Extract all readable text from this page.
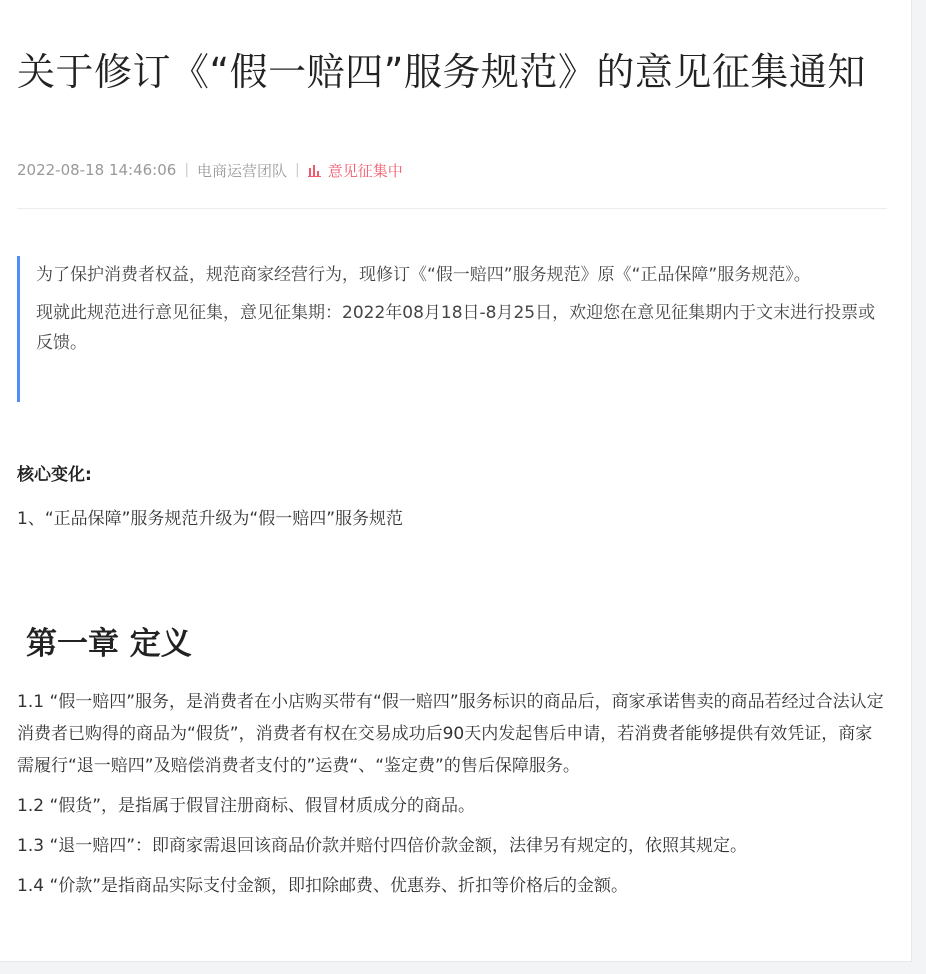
关于修订《“假一赔四”服务规范》的意见征集通知
2022-08-18 14:46:06 | 电商运营团队 | 意见征集中

为了保护消费者权益，规范商家经营行为，现修订《“假一赔四”服务规范》原《“正品保障”服务规范》。

现就此规范进行意见征集，意见征集期：2022年08月18日-8月25日，欢迎您在意见征集期内于文末进行投票或反馈。

核心变化:
1、“正品保障”服务规范升级为“假一赔四”服务规范
第一章 定义

1.1 “假一赔四”服务，是消费者在小店购买带有“假一赔四”服务标识的商品后，商家承诺售卖的商品若经过合法认定消费者已购得的商品为“假货”，消费者有权在交易成功后90天内发起售后申请，若消费者能够提供有效凭证，商家需履行“退一赔四”及赔偿消费者支付的”运费“、“鉴定费”的售后保障服务。

1.2 “假货”，是指属于假冒注册商标、假冒材质成分的商品。

1.3 “退一赔四”：即商家需退回该商品价款并赔付四倍价款金额，法律另有规定的，依照其规定。

1.4 “价款”是指商品实际支付金额，即扣除邮费、优惠券、折扣等价格后的金额。
